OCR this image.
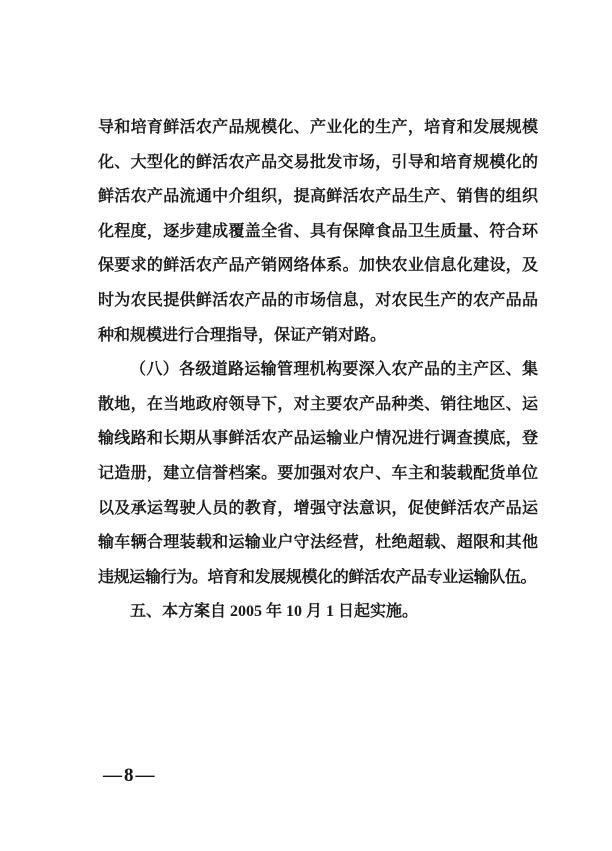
导和培育鲜活农产品规模化、产业化的生产，培育和发展规模
化、大型化的鲜活农产品交易批发市场，引导和培育规模化的
鲜活农产品流通中介组织，提高鲜活农产品生产、销售的组织
化程度，逐步建成覆盖全省、具有保障食品卫生质量、符合环
保要求的鲜活农产品产销网络体系。加快农业信息化建设，及
时为农民提供鲜活农产品的市场信息，对农民生产的农产品品
种和规模进行合理指导，保证产销对路。
（八）各级道路运输管理机构要深入农产品的主产区、集
散地，在当地政府领导下，对主要农产品种类、销往地区、运
输线路和长期从事鲜活农产品运输业户情况进行调查摸底，登
记造册，建立信誉档案。要加强对农户、车主和装载配货单位
以及承运驾驶人员的教育，增强守法意识，促使鲜活农产品运
输车辆合理装载和运输业户守法经营，杜绝超载、超限和其他
违规运输行为。培育和发展规模化的鲜活农产品专业运输队伍。
五、本方案自 2005 年 10 月 1 日起实施。
—8—
